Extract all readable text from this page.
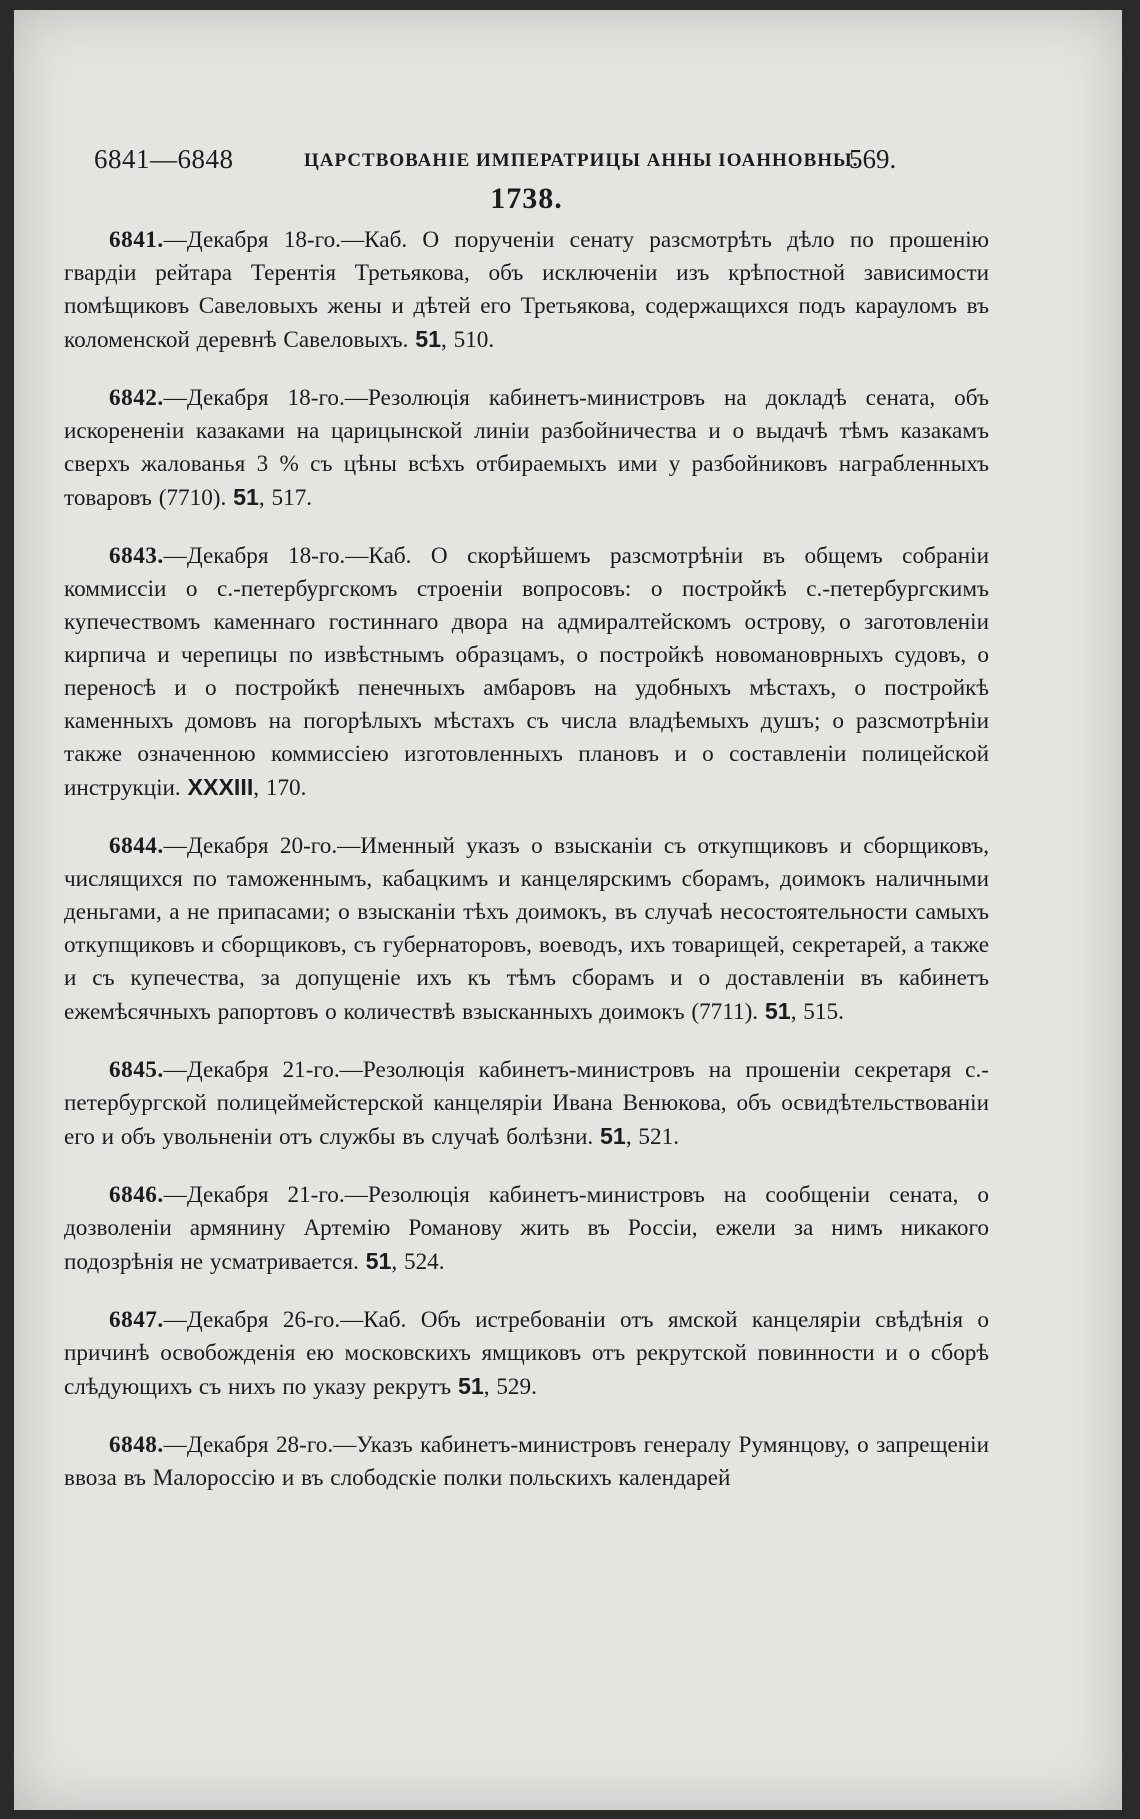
6841—6848	ЦАРСТВОВАНІЕ ИМПЕРАТРИЦЫ АННЫ ІОАННОВНЫ.
569.
1738.

6841.—Декабря 18-го.—Каб. О порученіи сенату разсмотрѣть дѣло по прошенію гвардіи рейтара Терентія Третьякова, объ исключеніи изъ крѣпостной зависимости помѣщиковъ Савеловыхъ жены и дѣтей его Третьякова, содержащихся подъ карауломъ въ коломенской деревнѣ Савеловыхъ. 51, 510.

6842.—Декабря 18-го.—Резолюція кабинетъ-министровъ на докладѣ сената, объ искорененіи казаками на царицынской линіи разбойничества и о выдачѣ тѣмъ казакамъ сверхъ жалованья 3 % съ цѣны всѣхъ отбираемыхъ ими у разбойниковъ награбленныхъ товаровъ (7710). 51, 517.

6843.—Декабря 18-го.—Каб. О скорѣйшемъ разсмотрѣніи въ общемъ собраніи коммиссіи о с.-петербургскомъ строеніи вопросовъ: о постройкѣ с.-петербургскимъ купечествомъ каменнаго гостиннаго двора на адмиралтейскомъ острову, о заготовленіи кирпича и черепицы по извѣстнымъ образцамъ, о постройкѣ новомановрныхъ судовъ, о переносѣ и о постройкѣ пенечныхъ амбаровъ на удобныхъ мѣстахъ, о постройкѣ каменныхъ домовъ на погорѣлыхъ мѣстахъ съ числа владѣемыхъ душъ; о разсмотрѣніи также означенною коммиссіею изготовленныхъ плановъ и о составленіи полицейской инструкціи. XXXIII, 170.

6844.—Декабря 20-го.—Именный указъ о взысканіи съ откупщиковъ и сборщиковъ, числящихся по таможеннымъ, кабацкимъ и канцелярскимъ сборамъ, доимокъ наличными деньгами, а не припасами; о взысканіи тѣхъ доимокъ, въ случаѣ несостоятельности самыхъ откупщиковъ и сборщиковъ, съ губернаторовъ, воеводъ, ихъ товарищей, секретарей, а также и съ купечества, за допущеніе ихъ къ тѣмъ сборамъ и о доставленіи въ кабинетъ ежемѣсячныхъ рапортовъ о количествѣ взысканныхъ доимокъ (7711). 51, 515.

6845.—Декабря 21-го.—Резолюція кабинетъ-министровъ на прошеніи секретаря с.-петербургской полицеймейстерской канцеляріи Ивана Венюкова, объ освидѣтельствованіи его и объ увольненіи отъ службы въ случаѣ болѣзни. 51, 521.

6846.—Декабря 21-го.—Резолюція кабинетъ-министровъ на сообщеніи сената, о дозволеніи армянину Артемію Романову жить въ Россіи, ежели за нимъ никакого подозрѣнія не усматривается. 51, 524.

6847.—Декабря 26-го.—Каб. Объ истребованіи отъ ямской канцеляріи свѣдѣнія о причинѣ освобожденія ею московскихъ ямщиковъ отъ рекрутской повинности и о сборѣ слѣдующихъ съ нихъ по указу рекрутъ 51, 529.

6848.—Декабря 28-го.—Указъ кабинетъ-министровъ генералу Румянцову, о запрещеніи ввоза въ Малороссію и въ слободскіе полки польскихъ календарей
